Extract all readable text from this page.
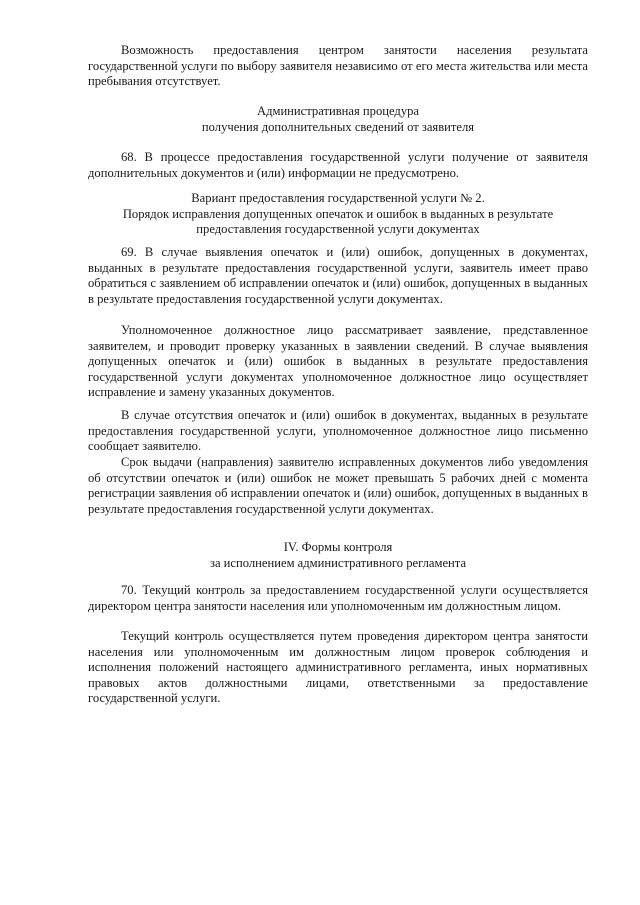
Возможность предоставления центром занятости населения результата государственной услуги по выбору заявителя независимо от его места жительства или места пребывания отсутствует.

Административная процедура
получения дополнительных сведений от заявителя

68. В процессе предоставления государственной услуги получение от заявителя дополнительных документов и (или) информации не предусмотрено.

Вариант предоставления государственной услуги № 2.
Порядок исправления допущенных опечаток и ошибок в выданных в результате
предоставления государственной услуги документах

69. В случае выявления опечаток и (или) ошибок, допущенных в документах, выданных в результате предоставления государственной услуги, заявитель имеет право обратиться с заявлением об исправлении опечаток и (или) ошибок, допущенных в выданных в результате предоставления государственной услуги документах.

Уполномоченное должностное лицо рассматривает заявление, представленное заявителем, и проводит проверку указанных в заявлении сведений. В случае выявления допущенных опечаток и (или) ошибок в выданных в результате предоставления государственной услуги документах уполномоченное должностное лицо осуществляет исправление и замену указанных документов.

В случае отсутствия опечаток и (или) ошибок в документах, выданных в результате предоставления государственной услуги, уполномоченное должностное лицо письменно сообщает заявителю.

Срок выдачи (направления) заявителю исправленных документов либо уведомления об отсутствии опечаток и (или) ошибок не может превышать 5 рабочих дней с момента регистрации заявления об исправлении опечаток и (или) ошибок, допущенных в выданных в результате предоставления государственной услуги документах.

IV. Формы контроля
за исполнением административного регламента

70. Текущий контроль за предоставлением государственной услуги осуществляется директором центра занятости населения или уполномоченным им должностным лицом.

Текущий контроль осуществляется путем проведения директором центра занятости населения или уполномоченным им должностным лицом проверок соблюдения и исполнения положений настоящего административного регламента, иных нормативных правовых актов должностными лицами, ответственными за предоставление государственной услуги.
